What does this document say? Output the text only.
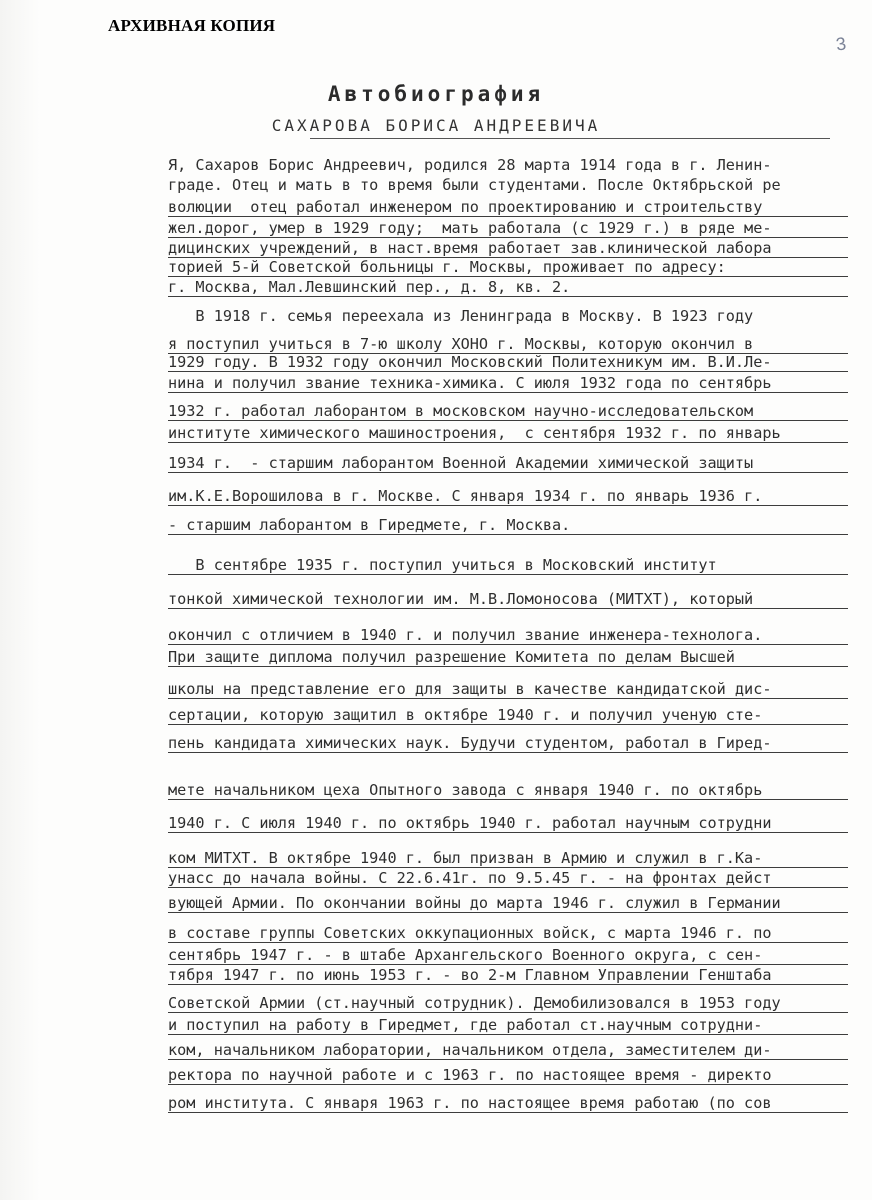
АРХИВНАЯ КОПИЯ
3
Автобиография
САХАРОВА БОРИСА АНДРЕЕВИЧА
Я, Сахаров Борис Андреевич, родился 28 марта 1914 года в г. Ленин-
граде. Отец и мать в то время были студентами. После Октябрьской ре
волюции  отец работал инженером по проектированию и строительству
жел.дорог, умер в 1929 году;  мать работала (с 1929 г.) в ряде ме-
дицинских учреждений, в наст.время работает зав.клинической лабора
торией 5-й Советской больницы г. Москвы, проживает по адресу:
г. Москва, Мал.Левшинский пер., д. 8, кв. 2.
В 1918 г. семья переехала из Ленинграда в Москву. В 1923 году
я поступил учиться в 7-ю школу ХОНО г. Москвы, которую окончил в
1929 году. В 1932 году окончил Московский Политехникум им. В.И.Ле-
нина и получил звание техника-химика. С июля 1932 года по сентябрь
1932 г. работал лаборантом в московском научно-исследовательском
институте химического машиностроения,  с сентября 1932 г. по январь
1934 г.  - старшим лаборантом Военной Академии химической защиты
им.К.Е.Ворошилова в г. Москве. С января 1934 г. по январь 1936 г.
- старшим лаборантом в Гиредмете, г. Москва.
В сентябре 1935 г. поступил учиться в Московский институт
тонкой химической технологии им. М.В.Ломоносова (МИТХТ), который
окончил с отличием в 1940 г. и получил звание инженера-технолога.
При защите диплома получил разрешение Комитета по делам Высшей
школы на представление его для защиты в качестве кандидатской дис-
сертации, которую защитил в октябре 1940 г. и получил ученую сте-
пень кандидата химических наук. Будучи студентом, работал в Гиред-
мете начальником цеха Опытного завода с января 1940 г. по октябрь
1940 г. С июля 1940 г. по октябрь 1940 г. работал научным сотрудни
ком МИТХТ. В октябре 1940 г. был призван в Армию и служил в г.Ка-
унасс до начала войны. С 22.6.41г. по 9.5.45 г. - на фронтах дейст
вующей Армии. По окончании войны до марта 1946 г. служил в Германии
в составе группы Советских оккупационных войск, с марта 1946 г. по
сентябрь 1947 г. - в штабе Архангельского Военного округа, с сен-
тября 1947 г. по июнь 1953 г. - во 2-м Главном Управлении Генштаба
Советской Армии (ст.научный сотрудник). Демобилизовался в 1953 году
и поступил на работу в Гиредмет, где работал ст.научным сотрудни-
ком, начальником лаборатории, начальником отдела, заместителем ди-
ректора по научной работе и с 1963 г. по настоящее время - директо
ром института. С января 1963 г. по настоящее время работаю (по сов
